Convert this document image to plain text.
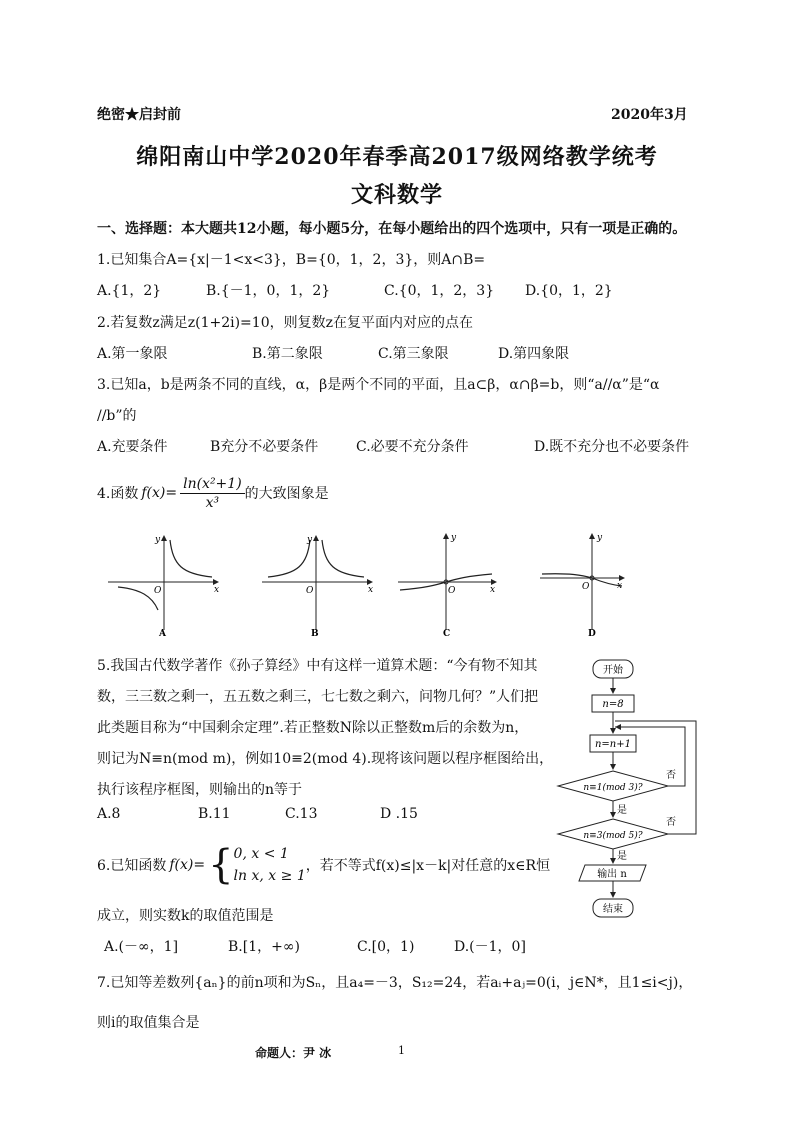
绝密★启封前	2020年3月
绵阳南山中学2020年春季高2017级网络教学统考
文科数学
一、选择题：本大题共12小题，每小题5分，在每小题给出的四个选项中，只有一项是正确的。
1.已知集合A={x|－1<x<3}，B={0，1，2，3}，则A∩B=
A.{1，2}	B.{－1，0，1，2}	C.{0，1，2，3} D.{0，1，2}
2.若复数z满足z(1+2i)=10，则复数z在复平面内对应的点在
A.第一象限	B.第二象限	C.第三象限	D.第四象限
3.已知a，b是两条不同的直线，α，β是两个不同的平面，且a⊂β，α∩β=b，则“a//α”是“α
//b”的
A.充要条件	B充分不必要条件	C.必要不充分条件	D.既不充分也不必要条件
4.函数 $f(x)= \frac{\text{ln(x²+1)}}{\text{x³}}$ 的大致图象是
y
x
O
A
y
x
O
B
y
x
O
C
y
x
O
D
5.我国古代数学著作《孙子算经》中有这样一道算术题：“今有物不知其
数，三三数之剩一，五五数之剩三，七七数之剩六，问物几何？”人们把
此类题目称为“中国剩余定理”.若正整数N除以正整数m后的余数为n，
则记为N≡n(mod m)，例如10≡2(mod 4).现将该问题以程序框图给出，
执行该程序框图，则输出的n等于
A.8	B.11	C.13	D .15
开始
n=8
n=n+1
n≡1(mod 3)?
否
是
n≡3(mod 5)?
否
是
输出 n
结束
6.已知函数 f(x)= { 0, x < 1
ln x, x ≥ 1
，若不等式f(x)≤|x－k|对任意的x∈R恒
成立，则实数k的取值范围是
A.(－∞，1]	B.[1，+∞)	C.[0，1)	D.(－1，0]
7.已知等差数列{aₙ}的前n项和为Sₙ，且a₄=－3，S₁₂=24，若aᵢ+aⱼ=0(i，j∈N*，且1≤i<j)，
则i的取值集合是
命题人：尹 冰	1
